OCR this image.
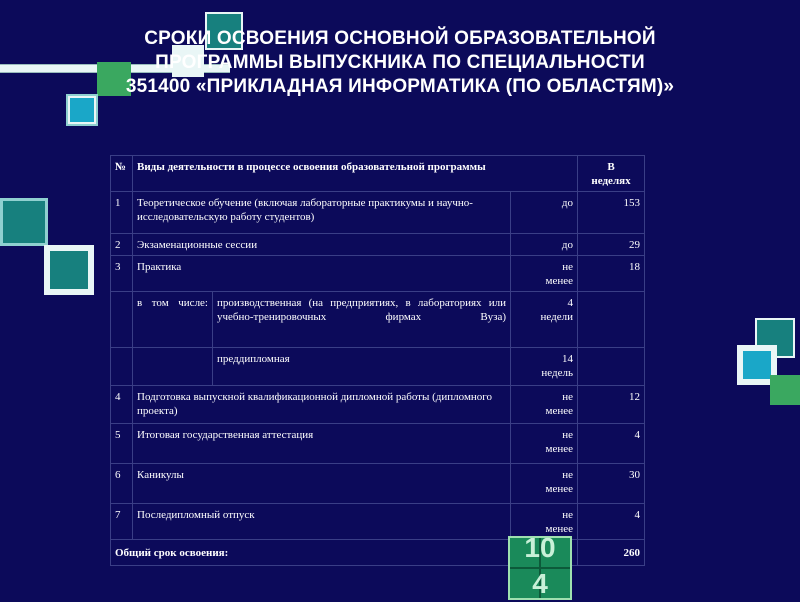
СРОКИ ОСВОЕНИЯ ОСНОВНОЙ ОБРАЗОВАТЕЛЬНОЙ
ПРОГРАММЫ ВЫПУСКНИКА ПО СПЕЦИАЛЬНОСТИ
351400 «ПРИКЛАДНАЯ ИНФОРМАТИКА (ПО ОБЛАСТЯМ)»
№	Виды деятельности в процессе освоения образовательной программы			В
неделях
1	Теоретическое обучение (включая лабораторные практикумы и научно-исследовательскую работу студентов)		до	153
2	Экзаменационные сессии		до	29
3	Практика		не
менее	18
	в том числе:	производственная (на предприятиях, в лабораториях или учебно-тренировочных фирмах Вуза)	4
недели	
		преддипломная	14
недель	
4	Подготовка выпускной квалификационной дипломной работы (дипломного проекта)		не
менее	12
5	Итоговая государственная аттестация		не
менее	4
6	Каникулы		не
менее	30
7	Последипломный отпуск		не
менее	4
Общий срок освоения:				260
10
4
